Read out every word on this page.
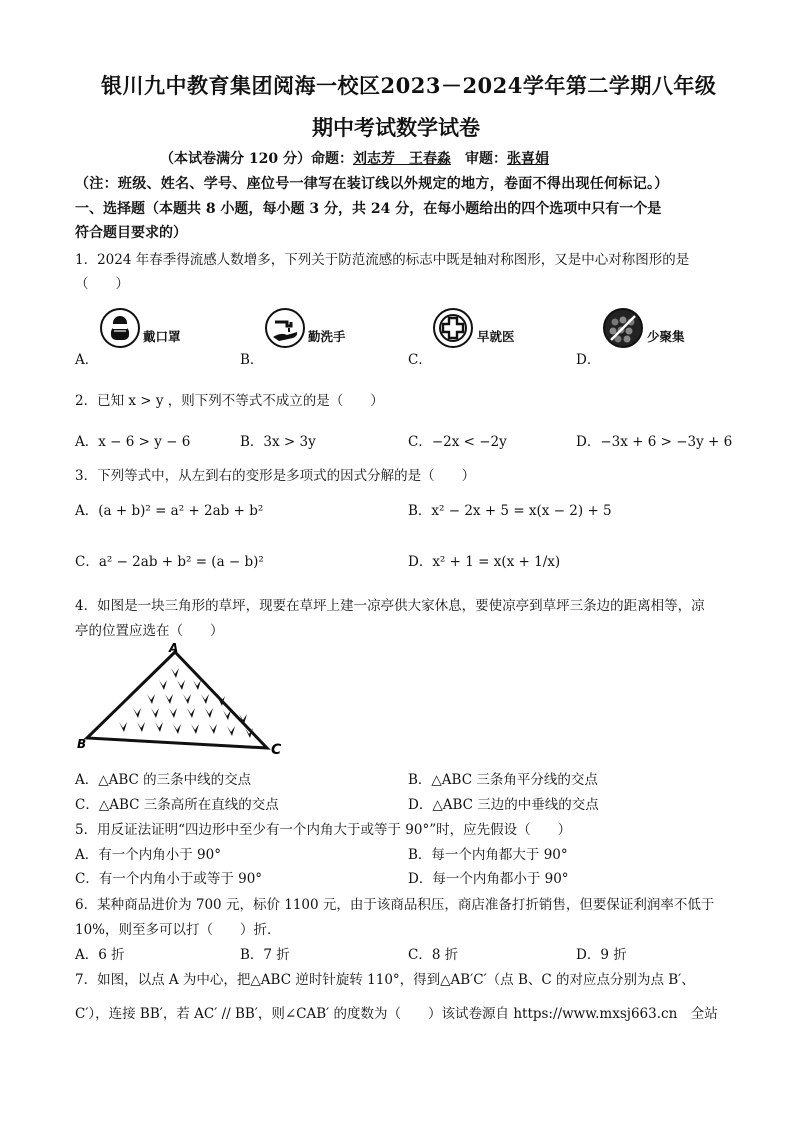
银川九中教育集团阅海一校区2023－2024学年第二学期八年级
期中考试数学试卷
（本试卷满分 120 分）命题：刘志芳　王春淼　审题：张喜娟
（注：班级、姓名、学号、座位号一律写在装订线以外规定的地方，卷面不得出现任何标记。）
一、选择题（本题共 8 小题，每小题 3 分，共 24 分，在每小题给出的四个选项中只有一个是
符合题目要求的）
1．2024 年春季得流感人数增多，下列关于防范流感的标志中既是轴对称图形，又是中心对称图形的是
（　　）
A．
戴口罩
B．
勤洗手
C．
早就医
D．
少聚集
2．已知 x > y ，则下列不等式不成立的是（　　）
A．x − 6 > y − 6	B．3x > 3y	C．−2x < −2y	D．−3x + 6 > −3y + 6
3．下列等式中，从左到右的变形是多项式的因式分解的是（　　）
A．(a + b)² = a² + 2ab + b²	B．x² − 2x + 5 = x(x − 2) + 5
C．a² − 2ab + b² = (a − b)²	D．x² + 1 = x(x + 1/x)
4．如图是一块三角形的草坪，现要在草坪上建一凉亭供大家休息，要使凉亭到草坪三条边的距离相等，凉
亭的位置应选在（　　）
A
B	C
A．△ABC 的三条中线的交点	B．△ABC 三条角平分线的交点
C．△ABC 三条高所在直线的交点	D．△ABC 三边的中垂线的交点
5．用反证法证明“四边形中至少有一个内角大于或等于 90°”时，应先假设（　　）
A．有一个内角小于 90°	B．每一个内角都大于 90°
C．有一个内角小于或等于 90°	D．每一个内角都小于 90°
6．某种商品进价为 700 元，标价 1100 元，由于该商品积压，商店准备打折销售，但要保证利润率不低于
10%，则至多可以打（　　）折．
A．6 折	B．7 折	C．8 折	D．9 折
7．如图，以点 A 为中心，把△ABC 逆时针旋转 110°，得到△AB′C′（点 B、C 的对应点分别为点 B′、
C′），连接 BB′，若 AC′ // BB′，则∠CAB′ 的度数为（　　）该试卷源自 https://www.mxsj663.cn　全站
